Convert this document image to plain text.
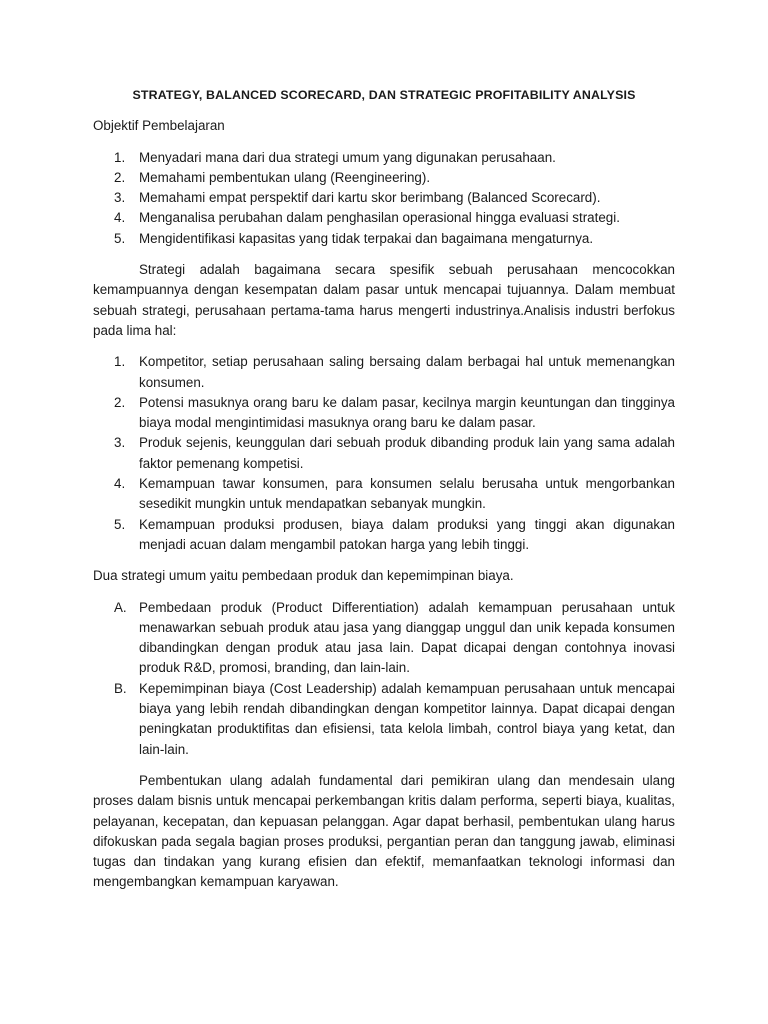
STRATEGY, BALANCED SCORECARD, DAN STRATEGIC PROFITABILITY ANALYSIS

Objektif Pembelajaran

1. Menyadari mana dari dua strategi umum yang digunakan perusahaan.
2. Memahami pembentukan ulang (Reengineering).
3. Memahami empat perspektif dari kartu skor berimbang (Balanced Scorecard).
4. Menganalisa perubahan dalam penghasilan operasional hingga evaluasi strategi.
5. Mengidentifikasi kapasitas yang tidak terpakai dan bagaimana mengaturnya.

Strategi adalah bagaimana secara spesifik sebuah perusahaan mencocokkan kemampuannya dengan kesempatan dalam pasar untuk mencapai tujuannya. Dalam membuat sebuah strategi, perusahaan pertama-tama harus mengerti industrinya.Analisis industri berfokus pada lima hal:

1. Kompetitor, setiap perusahaan saling bersaing dalam berbagai hal untuk memenangkan konsumen.
2. Potensi masuknya orang baru ke dalam pasar, kecilnya margin keuntungan dan tingginya biaya modal mengintimidasi masuknya orang baru ke dalam pasar.
3. Produk sejenis, keunggulan dari sebuah produk dibanding produk lain yang sama adalah faktor pemenang kompetisi.
4. Kemampuan tawar konsumen, para konsumen selalu berusaha untuk mengorbankan sesedikit mungkin untuk mendapatkan sebanyak mungkin.
5. Kemampuan produksi produsen, biaya dalam produksi yang tinggi akan digunakan menjadi acuan dalam mengambil patokan harga yang lebih tinggi.

Dua strategi umum yaitu pembedaan produk dan kepemimpinan biaya.

A. Pembedaan produk (Product Differentiation) adalah kemampuan perusahaan untuk menawarkan sebuah produk atau jasa yang dianggap unggul dan unik kepada konsumen dibandingkan dengan produk atau jasa lain. Dapat dicapai dengan contohnya inovasi produk R&D, promosi, branding, dan lain-lain.
B. Kepemimpinan biaya (Cost Leadership) adalah kemampuan perusahaan untuk mencapai biaya yang lebih rendah dibandingkan dengan kompetitor lainnya. Dapat dicapai dengan peningkatan produktifitas dan efisiensi, tata kelola limbah, control biaya yang ketat, dan lain-lain.

Pembentukan ulang adalah fundamental dari pemikiran ulang dan mendesain ulang proses dalam bisnis untuk mencapai perkembangan kritis dalam performa, seperti biaya, kualitas, pelayanan, kecepatan, dan kepuasan pelanggan. Agar dapat berhasil, pembentukan ulang harus difokuskan pada segala bagian proses produksi, pergantian peran dan tanggung jawab, eliminasi tugas dan tindakan yang kurang efisien dan efektif, memanfaatkan teknologi informasi dan mengembangkan kemampuan karyawan.
